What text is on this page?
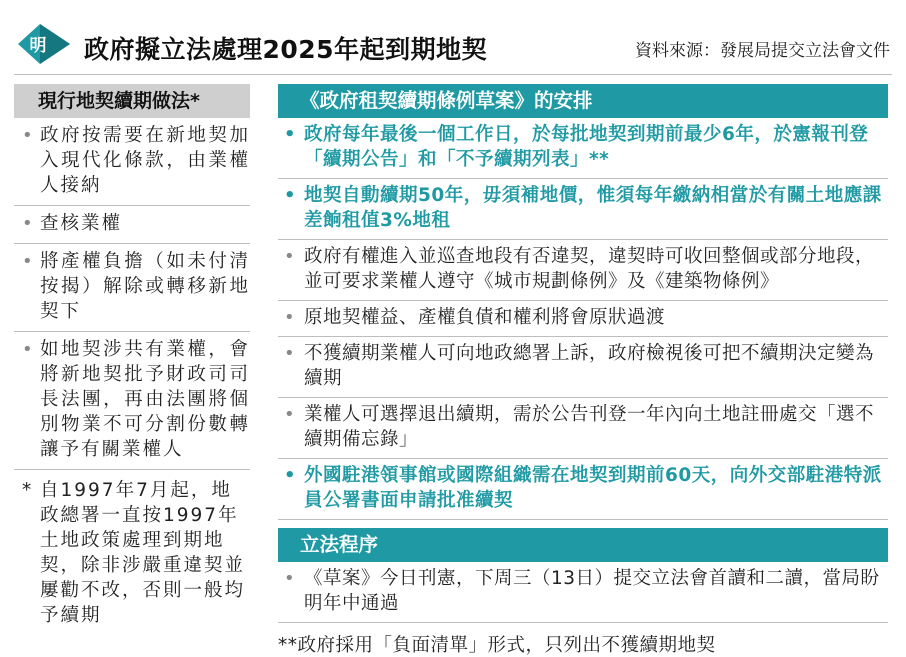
明 政府擬立法處理2025年起到期地契	資料來源：發展局提交立法會文件
現行地契續期做法*
• 政府按需要在新地契加入現代化條款，由業權人接納
• 查核業權
• 將產權負擔（如未付清按揭）解除或轉移新地契下
• 如地契涉共有業權，會將新地契批予財政司司長法團，再由法團將個別物業不可分割份數轉讓予有關業權人
* 自1997年7月起，地政總署一直按1997年土地政策處理到期地契，除非涉嚴重違契並屢勸不改，否則一般均予續期
《政府租契續期條例草案》的安排
• 政府每年最後一個工作日，於每批地契到期前最少6年，於憲報刊登「續期公告」和「不予續期列表」**
• 地契自動續期50年，毋須補地價，惟須每年繳納相當於有關土地應課差餉租值3%地租
• 政府有權進入並巡查地段有否違契，違契時可收回整個或部分地段，並可要求業權人遵守《城市規劃條例》及《建築物條例》
• 原地契權益、產權負債和權利將會原狀過渡
• 不獲續期業權人可向地政總署上訴，政府檢視後可把不續期決定變為續期
• 業權人可選擇退出續期，需於公告刊登一年內向土地註冊處交「選不續期備忘錄」
• 外國駐港領事館或國際組織需在地契到期前60天，向外交部駐港特派員公署書面申請批准續契
立法程序
• 《草案》今日刊憲，下周三（13日）提交立法會首讀和二讀，當局盼明年中通過
**政府採用「負面清單」形式，只列出不獲續期地契
